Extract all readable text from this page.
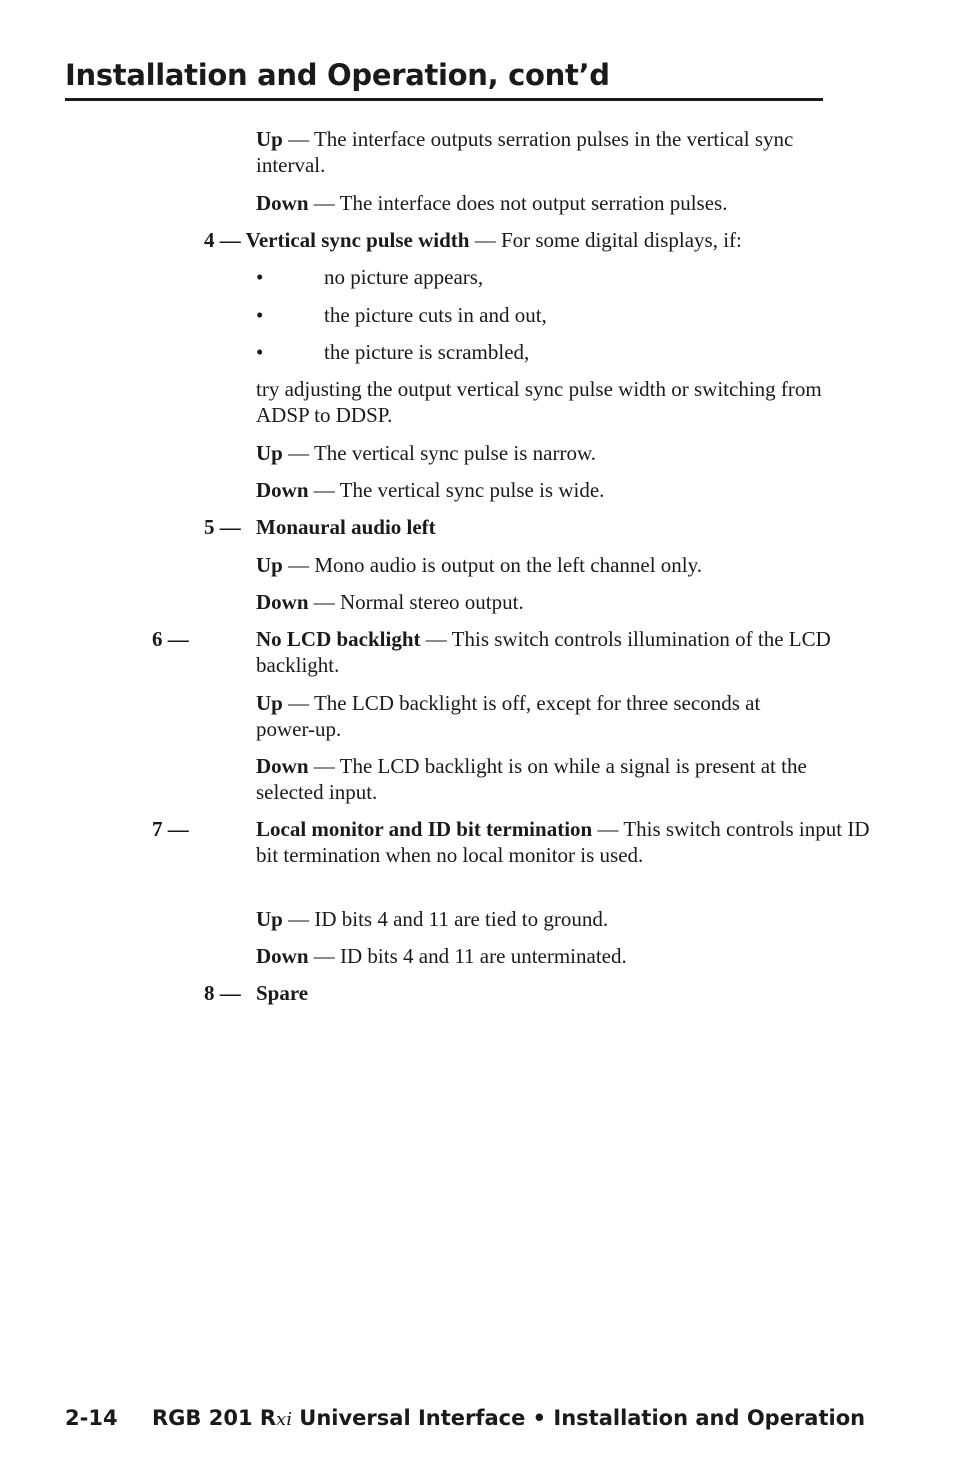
Installation and Operation, cont’d
Up — The interface outputs serration pulses in the vertical sync interval.
Down — The interface does not output serration pulses.
4 — Vertical sync pulse width — For some digital displays, if:
•	no picture appears,
•	the picture cuts in and out,
•	the picture is scrambled,
try adjusting the output vertical sync pulse width or switching from ADSP to DDSP.
Up — The vertical sync pulse is narrow.
Down — The vertical sync pulse is wide.
5 — Monaural audio left
Up — Mono audio is output on the left channel only.
Down — Normal stereo output.
6 —	No LCD backlight — This switch controls illumination of the LCD backlight.
Up — The LCD backlight is off, except for three seconds at power-up.
Down — The LCD backlight is on while a signal is present at the selected input.
7 —	Local monitor and ID bit termination — This switch controls input ID bit termination when no local monitor is used.
Up — ID bits 4 and 11 are tied to ground.
Down — ID bits 4 and 11 are unterminated.
8 — Spare
2-14 RGB 201 Rxi Universal Interface • Installation and Operation
